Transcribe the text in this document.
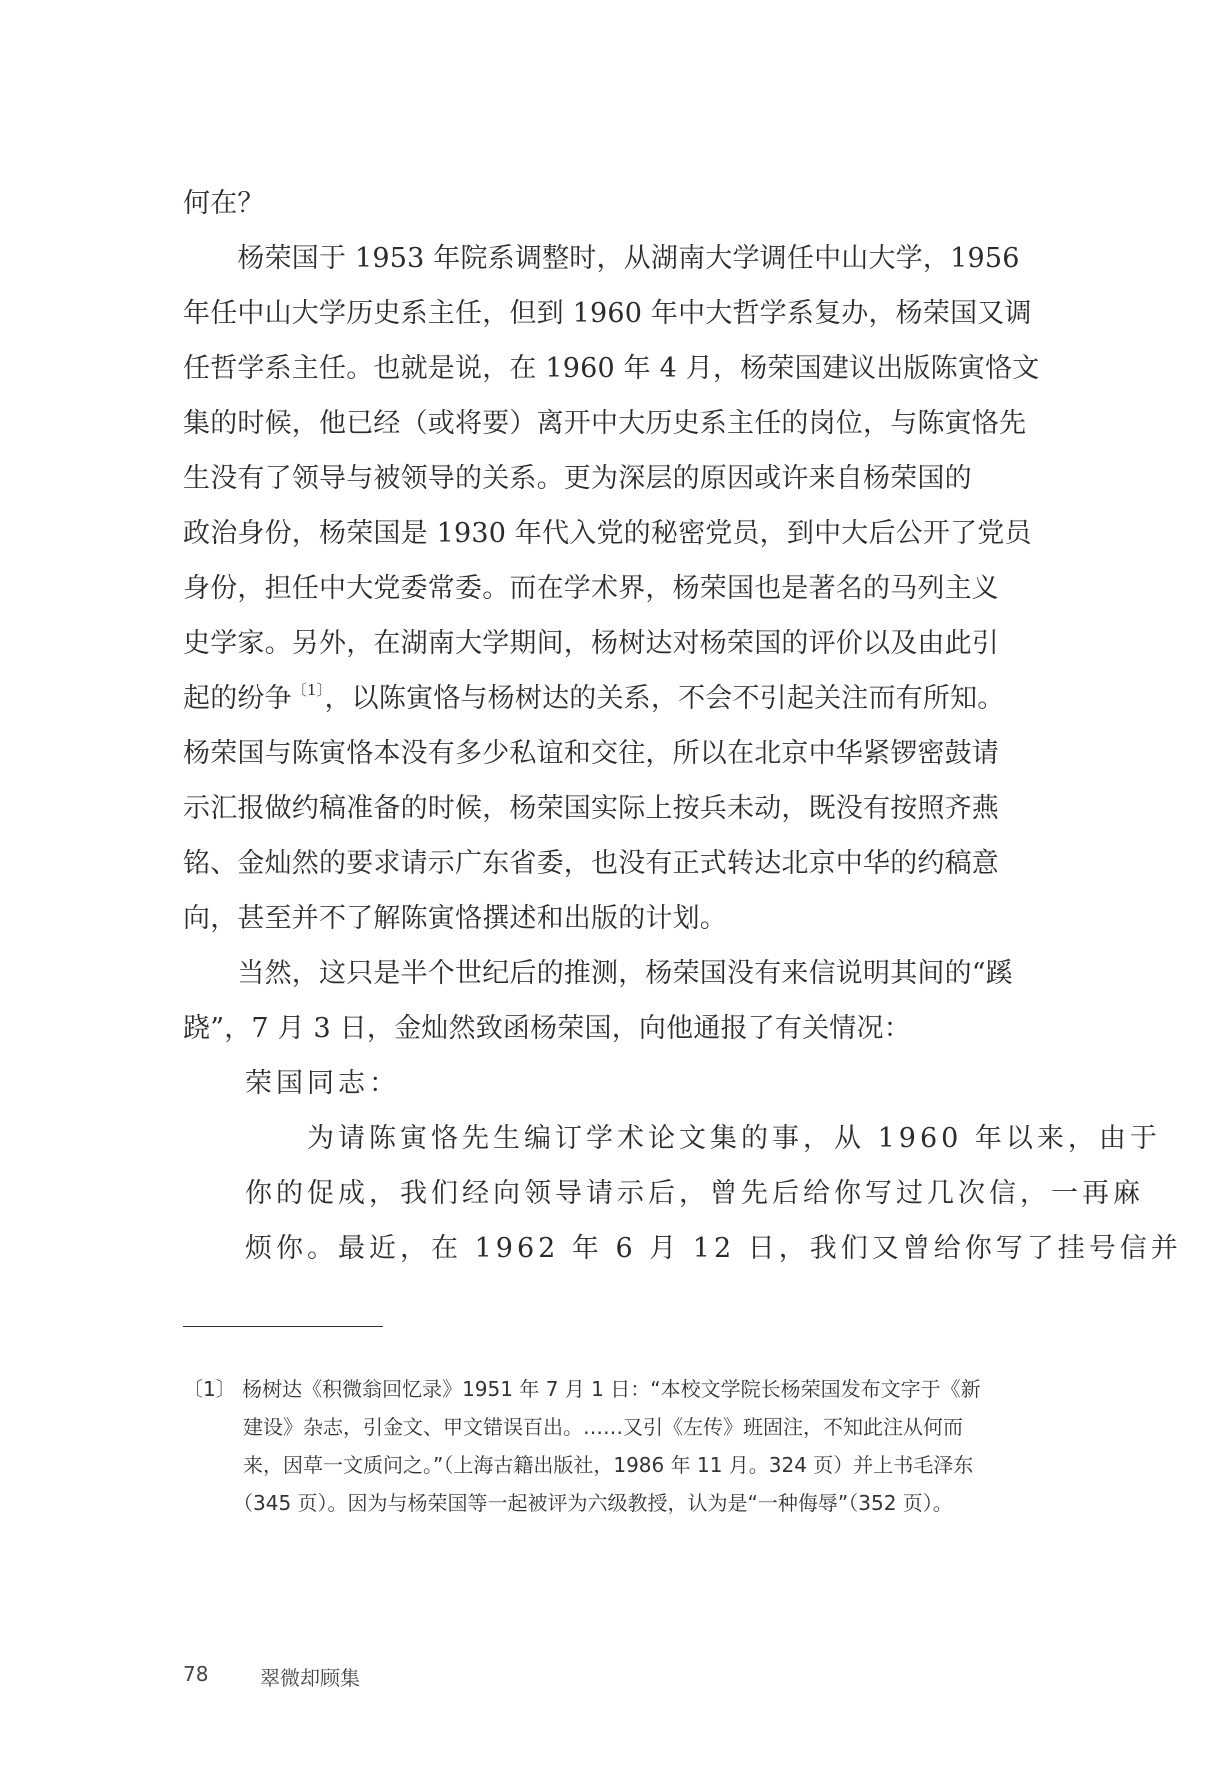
何在？
　　杨荣国于 1953 年院系调整时，从湖南大学调任中山大学，1956
年任中山大学历史系主任，但到 1960 年中大哲学系复办，杨荣国又调
任哲学系主任。也就是说，在 1960 年 4 月，杨荣国建议出版陈寅恪文
集的时候，他已经（或将要）离开中大历史系主任的岗位，与陈寅恪先
生没有了领导与被领导的关系。更为深层的原因或许来自杨荣国的
政治身份，杨荣国是 1930 年代入党的秘密党员，到中大后公开了党员
身份，担任中大党委常委。而在学术界，杨荣国也是著名的马列主义
史学家。另外，在湖南大学期间，杨树达对杨荣国的评价以及由此引
起的纷争$^{〔1〕}$，以陈寅恪与杨树达的关系，不会不引起关注而有所知。
杨荣国与陈寅恪本没有多少私谊和交往，所以在北京中华紧锣密鼓请
示汇报做约稿准备的时候，杨荣国实际上按兵未动，既没有按照齐燕
铭、金灿然的要求请示广东省委，也没有正式转达北京中华的约稿意
向，甚至并不了解陈寅恪撰述和出版的计划。
　　当然，这只是半个世纪后的推测，杨荣国没有来信说明其间的“蹊
跷”，7 月 3 日，金灿然致函杨荣国，向他通报了有关情况：
　　荣国同志：
　　　　为请陈寅恪先生编订学术论文集的事，从 1960 年以来，由于
　　你的促成，我们经向领导请示后，曾先后给你写过几次信，一再麻
　　烦你。最近，在 1962 年 6 月 12 日，我们又曾给你写了挂号信并
〔1〕 杨树达《积微翁回忆录》1951 年 7 月 1 日：“本校文学院长杨荣国发布文字于《新
　　　建设》杂志，引金文、甲文错误百出。……又引《左传》班固注，不知此注从何而
　　　来，因草一文质问之。”（上海古籍出版社，1986 年 11 月。324 页）并上书毛泽东
　　　（345 页）。因为与杨荣国等一起被评为六级教授，认为是“一种侮辱”（352 页）。
78	翠微却顾集
